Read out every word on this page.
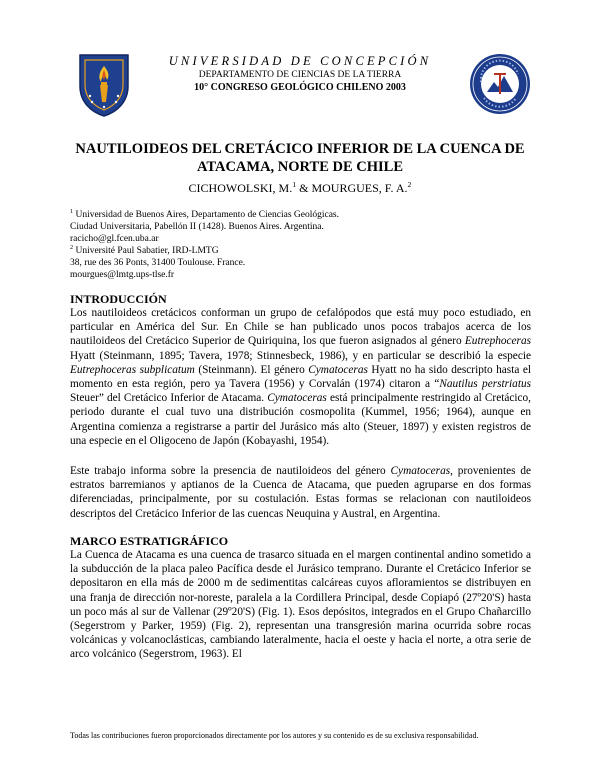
UNIVERSIDAD DE CONCEPCIÓN
DEPARTAMENTO DE CIENCIAS DE LA TIERRA
10° CONGRESO GEOLÓGICO CHILENO 2003
NAUTILOIDEOS DEL CRETÁCICO INFERIOR DE LA CUENCA DE
ATACAMA, NORTE DE CHILE
CICHOWOLSKI, M.$^1$ & MOURGUES, F. A.$^2$
$^1$ Universidad de Buenos Aires, Departamento de Ciencias Geológicas.
Ciudad Universitaria, Pabellón II (1428). Buenos Aires. Argentina.
racicho@gl.fcen.uba.ar
$^2$ Université Paul Sabatier, IRD-LMTG
38, rue des 36 Ponts, 31400 Toulouse. France.
mourgues@lmtg.ups-tlse.fr
INTRODUCCIÓN
Los nautiloideos cretácicos conforman un grupo de cefalópodos que está muy poco estudiado, en particular en América del Sur. En Chile se han publicado unos pocos trabajos acerca de los nautiloideos del Cretácico Superior de Quiriquina, los que fueron asignados al género Eutrephoceras Hyatt (Steinmann, 1895; Tavera, 1978; Stinnesbeck, 1986), y en particular se describió la especie Eutrephoceras subplicatum (Steinmann). El género Cymatoceras Hyatt no ha sido descripto hasta el momento en esta región, pero ya Tavera (1956) y Corvalán (1974) citaron a “Nautilus perstriatus Steuer” del Cretácico Inferior de Atacama. Cymatoceras está principalmente restringido al Cretácico, periodo durante el cual tuvo una distribución cosmopolita (Kummel, 1956; 1964), aunque en Argentina comienza a registrarse a partir del Jurásico más alto (Steuer, 1897) y existen registros de una especie en el Oligoceno de Japón (Kobayashi, 1954).
Este trabajo informa sobre la presencia de nautiloideos del género Cymatoceras, provenientes de estratos barremianos y aptianos de la Cuenca de Atacama, que pueden agruparse en dos formas diferenciadas, principalmente, por su costulación. Estas formas se relacionan con nautiloideos descriptos del Cretácico Inferior de las cuencas Neuquina y Austral, en Argentina.
MARCO ESTRATIGRÁFICO
La Cuenca de Atacama es una cuenca de trasarco situada en el margen continental andino sometido a la subducción de la placa paleo Pacífica desde el Jurásico temprano. Durante el Cretácico Inferior se depositaron en ella más de 2000 m de sedimentitas calcáreas cuyos afloramientos se distribuyen en una franja de dirección nor-noreste, paralela a la Cordillera Principal, desde Copiapó (27º20'S) hasta un poco más al sur de Vallenar (29º20'S) (Fig. 1). Esos depósitos, integrados en el Grupo Chañarcillo (Segerstrom y Parker, 1959) (Fig. 2), representan una transgresión marina ocurrida sobre rocas volcánicas y volcanoclásticas, cambiando lateralmente, hacia el oeste y hacia el norte, a otra serie de arco volcánico (Segerstrom, 1963). El
Todas las contribuciones fueron proporcionados directamente por los autores y su contenido es de su exclusiva responsabilidad.
